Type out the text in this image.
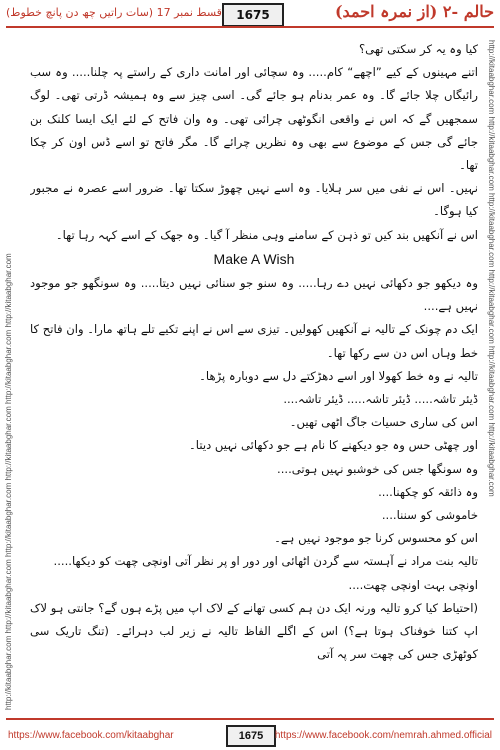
حالم -۲ (از نمرہ احمد)
1675
قسط نمبر 17 (سات راتیں چھ دن پانچ خطوط)
http://kitaabghar.com http://kitaabghar.com http://kitaabghar.com http://kitaabghar.com http://kitaabghar.com http://kitaabghar.com	http://kitaabghar.com http://kitaabghar.com http://kitaabghar.com http://kitaabghar.com http://kitaabghar.com http://kitaabghar.com

کیا وہ یہ کر سکتی تھی؟

اتنے مہینوں کے کیے ”اچھے“ کام..... وہ سچائی اور امانت داری کے راستے پہ چلنا..... وہ سب رائیگاں چلا جائے گا۔ وہ عمر بدنام ہو جائے گی۔ اسی چیز سے وہ ہمیشہ ڈرتی تھی۔ لوگ سمجھیں گے کہ اس نے واقعی انگوٹھی چرائی تھی۔ وہ وان فاتح کے لئے ایک ایسا کلنک بن جائے گی جس کے موضوع سے بھی وہ نظریں چرائے گا۔ مگر فاتح تو اسے ڈس اون کر چکا تھا۔

نہیں۔ اس نے نفی میں سر ہلایا۔ وہ اسے نہیں چھوڑ سکتا تھا۔ ضرور اسے عصرہ نے مجبور کیا ہوگا۔

اس نے آنکھیں بند کیں تو ذہن کے سامنے وہی منظر آ گیا۔ وہ جھک کے اسے کہہ رہا تھا۔

Make A Wish

وہ دیکھو جو دکھائی نہیں دے رہا..... وہ سنو جو سنائی نہیں دیتا..... وہ سونگھو جو موجود نہیں ہے....

ایک دم چونک کے تالیہ نے آنکھیں کھولیں۔ تیزی سے اس نے اپنے تکیے تلے ہاتھ مارا۔ وان فاتح کا خط وہاں اس دن سے رکھا تھا۔

تالیہ نے وہ خط کھولا اور اسے دھڑکتے دل سے دوبارہ پڑھا۔

ڈیئر تاشہ..... ڈیئر تاشہ..... ڈیئر تاشہ....

اس کی ساری حسیات جاگ اٹھی تھیں۔

اور چھٹی حس وہ جو دیکھنے کا نام ہے جو دکھائی نہیں دیتا۔

وہ سونگھا جس کی خوشبو نہیں ہوتی....

وہ ذائقہ کو چکھنا....

خاموشی کو سننا....

اس کو محسوس کرنا جو موجود نہیں ہے۔

تالیہ بنت مراد نے آہستہ سے گردن اٹھائی اور دور او پر نظر آتی اونچی چھت کو دیکھا.....

اونچی بہت اونچی چھت....

(احتیاط کیا کرو تالیہ ورنہ ایک دن ہم کسی تھانے کے لاک اپ میں پڑے ہوں گے؟ جانتی ہو لاک اپ کتنا خوفناک ہوتا ہے؟) اس کے اگلے الفاظ تالیہ نے زیر لب دہرائے۔ (تنگ تاریک سی کوٹھڑی جس کی چھت سر پہ آتی

https://www.facebook.com/kitaabghar	1675	https://www.facebook.com/nemrah.ahmed.official
